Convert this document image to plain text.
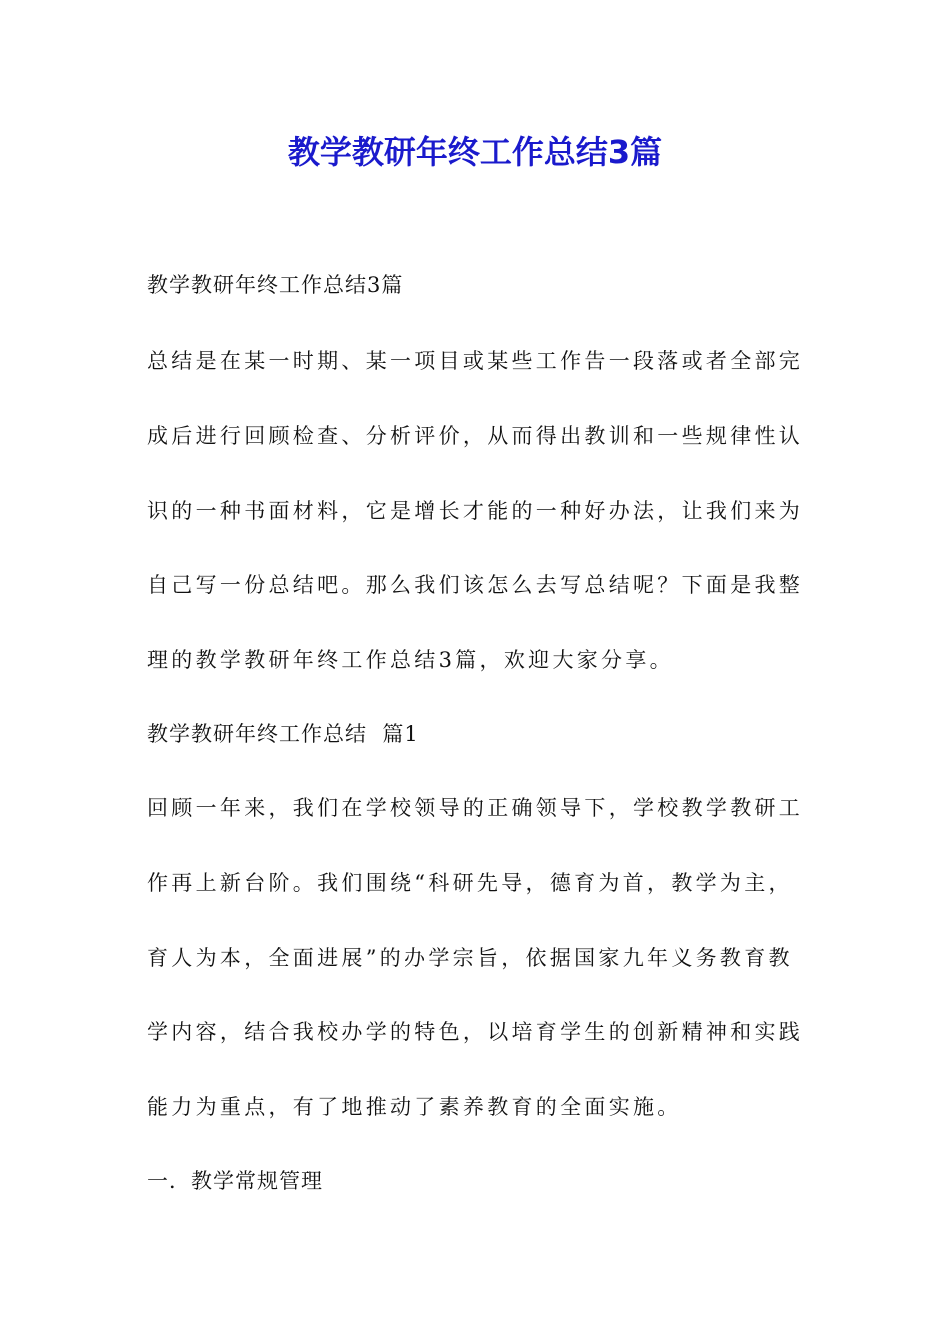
教学教研年终工作总结3篇

教学教研年终工作总结3篇

总结是在某一时期、某一项目或某些工作告一段落或者全部完

成后进行回顾检查、分析评价，从而得出教训和一些规律性认

识的一种书面材料，它是增长才能的一种好办法，让我们来为

自己写一份总结吧。那么我们该怎么去写总结呢？下面是我整

理的教学教研年终工作总结3篇，欢迎大家分享。

教学教研年终工作总结  篇1

回顾一年来，我们在学校领导的正确领导下，学校教学教研工

作再上新台阶。我们围绕“科研先导，德育为首，教学为主，

育人为本，全面进展”的办学宗旨，依据国家九年义务教育教

学内容，结合我校办学的特色，以培育学生的创新精神和实践

能力为重点，有了地推动了素养教育的全面实施。

一．教学常规管理
